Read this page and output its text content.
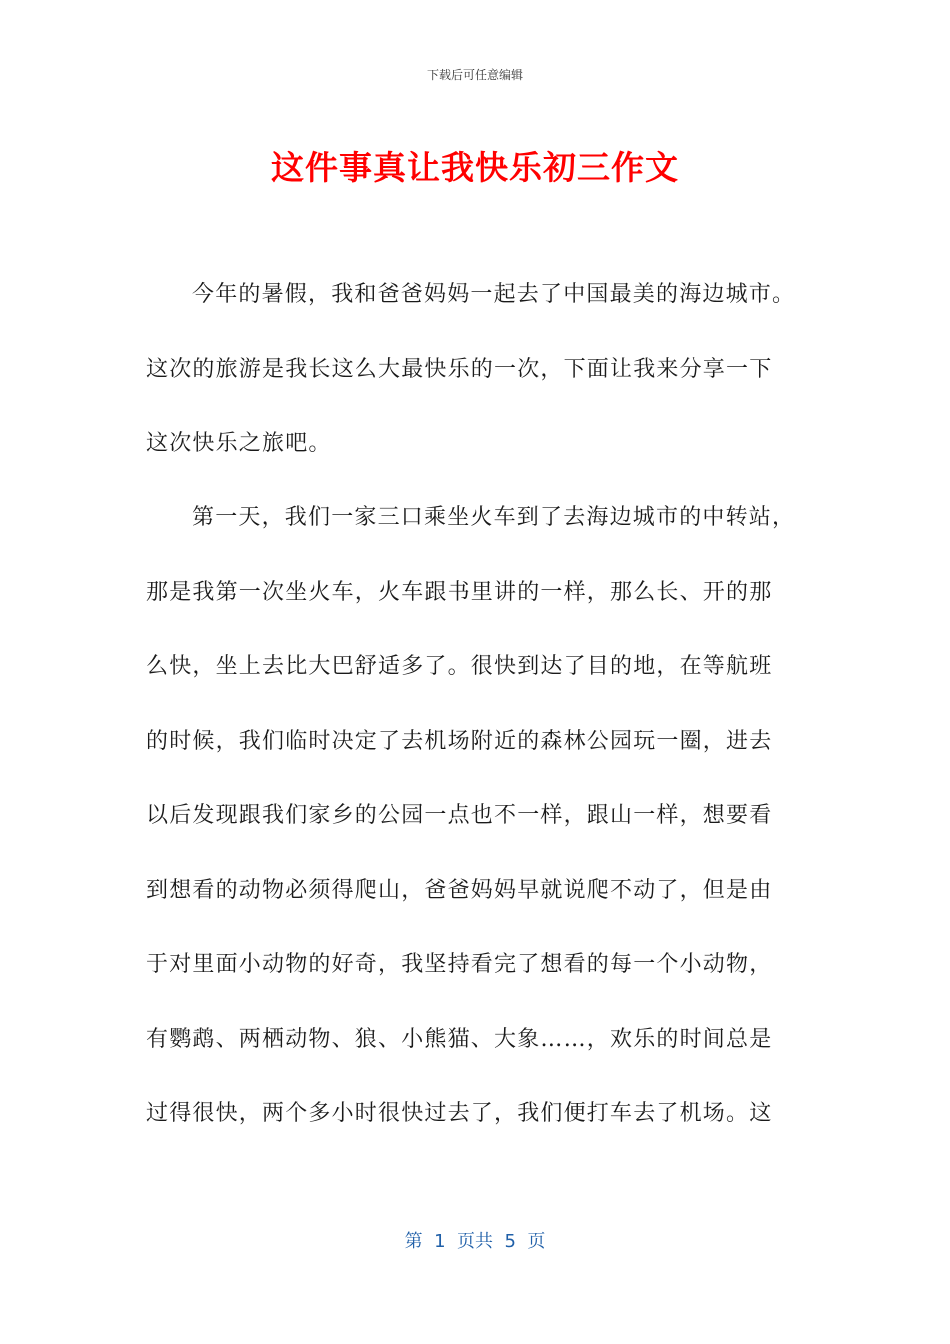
下载后可任意编辑
这件事真让我快乐初三作文
今年的暑假，我和爸爸妈妈一起去了中国最美的海边城市。
这次的旅游是我长这么大最快乐的一次，下面让我来分享一下
这次快乐之旅吧。
第一天，我们一家三口乘坐火车到了去海边城市的中转站，
那是我第一次坐火车，火车跟书里讲的一样，那么长、开的那
么快，坐上去比大巴舒适多了。很快到达了目的地，在等航班
的时候，我们临时决定了去机场附近的森林公园玩一圈，进去
以后发现跟我们家乡的公园一点也不一样，跟山一样，想要看
到想看的动物必须得爬山，爸爸妈妈早就说爬不动了，但是由
于对里面小动物的好奇，我坚持看完了想看的每一个小动物，
有鹦鹉、两栖动物、狼、小熊猫、大象……，欢乐的时间总是
过得很快，两个多小时很快过去了，我们便打车去了机场。这
第  1  页共  5  页
